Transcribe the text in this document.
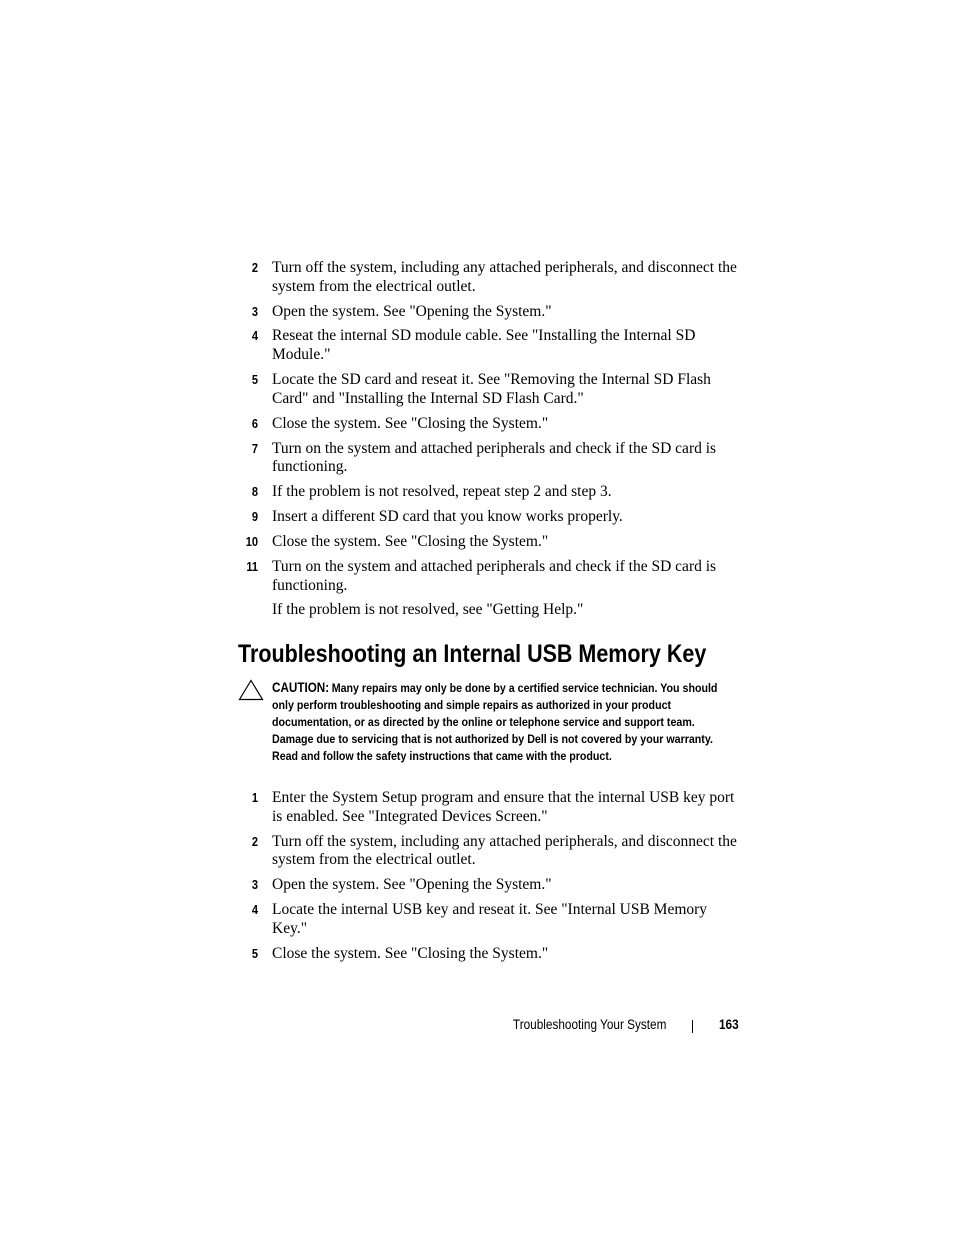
2 Turn off the system, including any attached peripherals, and disconnect the system from the electrical outlet.
3 Open the system. See "Opening the System."
4 Reseat the internal SD module cable. See "Installing the Internal SD Module."
5 Locate the SD card and reseat it. See "Removing the Internal SD Flash Card" and "Installing the Internal SD Flash Card."
6 Close the system. See "Closing the System."
7 Turn on the system and attached peripherals and check if the SD card is functioning.
8 If the problem is not resolved, repeat step 2 and step 3.
9 Insert a different SD card that you know works properly.
10 Close the system. See "Closing the System."
11 Turn on the system and attached peripherals and check if the SD card is functioning.
If the problem is not resolved, see "Getting Help."
Troubleshooting an Internal USB Memory Key
CAUTION: Many repairs may only be done by a certified service technician. You should only perform troubleshooting and simple repairs as authorized in your product documentation, or as directed by the online or telephone service and support team. Damage due to servicing that is not authorized by Dell is not covered by your warranty. Read and follow the safety instructions that came with the product.
1 Enter the System Setup program and ensure that the internal USB key port is enabled. See "Integrated Devices Screen."
2 Turn off the system, including any attached peripherals, and disconnect the system from the electrical outlet.
3 Open the system. See "Opening the System."
4 Locate the internal USB key and reseat it. See "Internal USB Memory Key."
5 Close the system. See "Closing the System."
Troubleshooting Your System	163
